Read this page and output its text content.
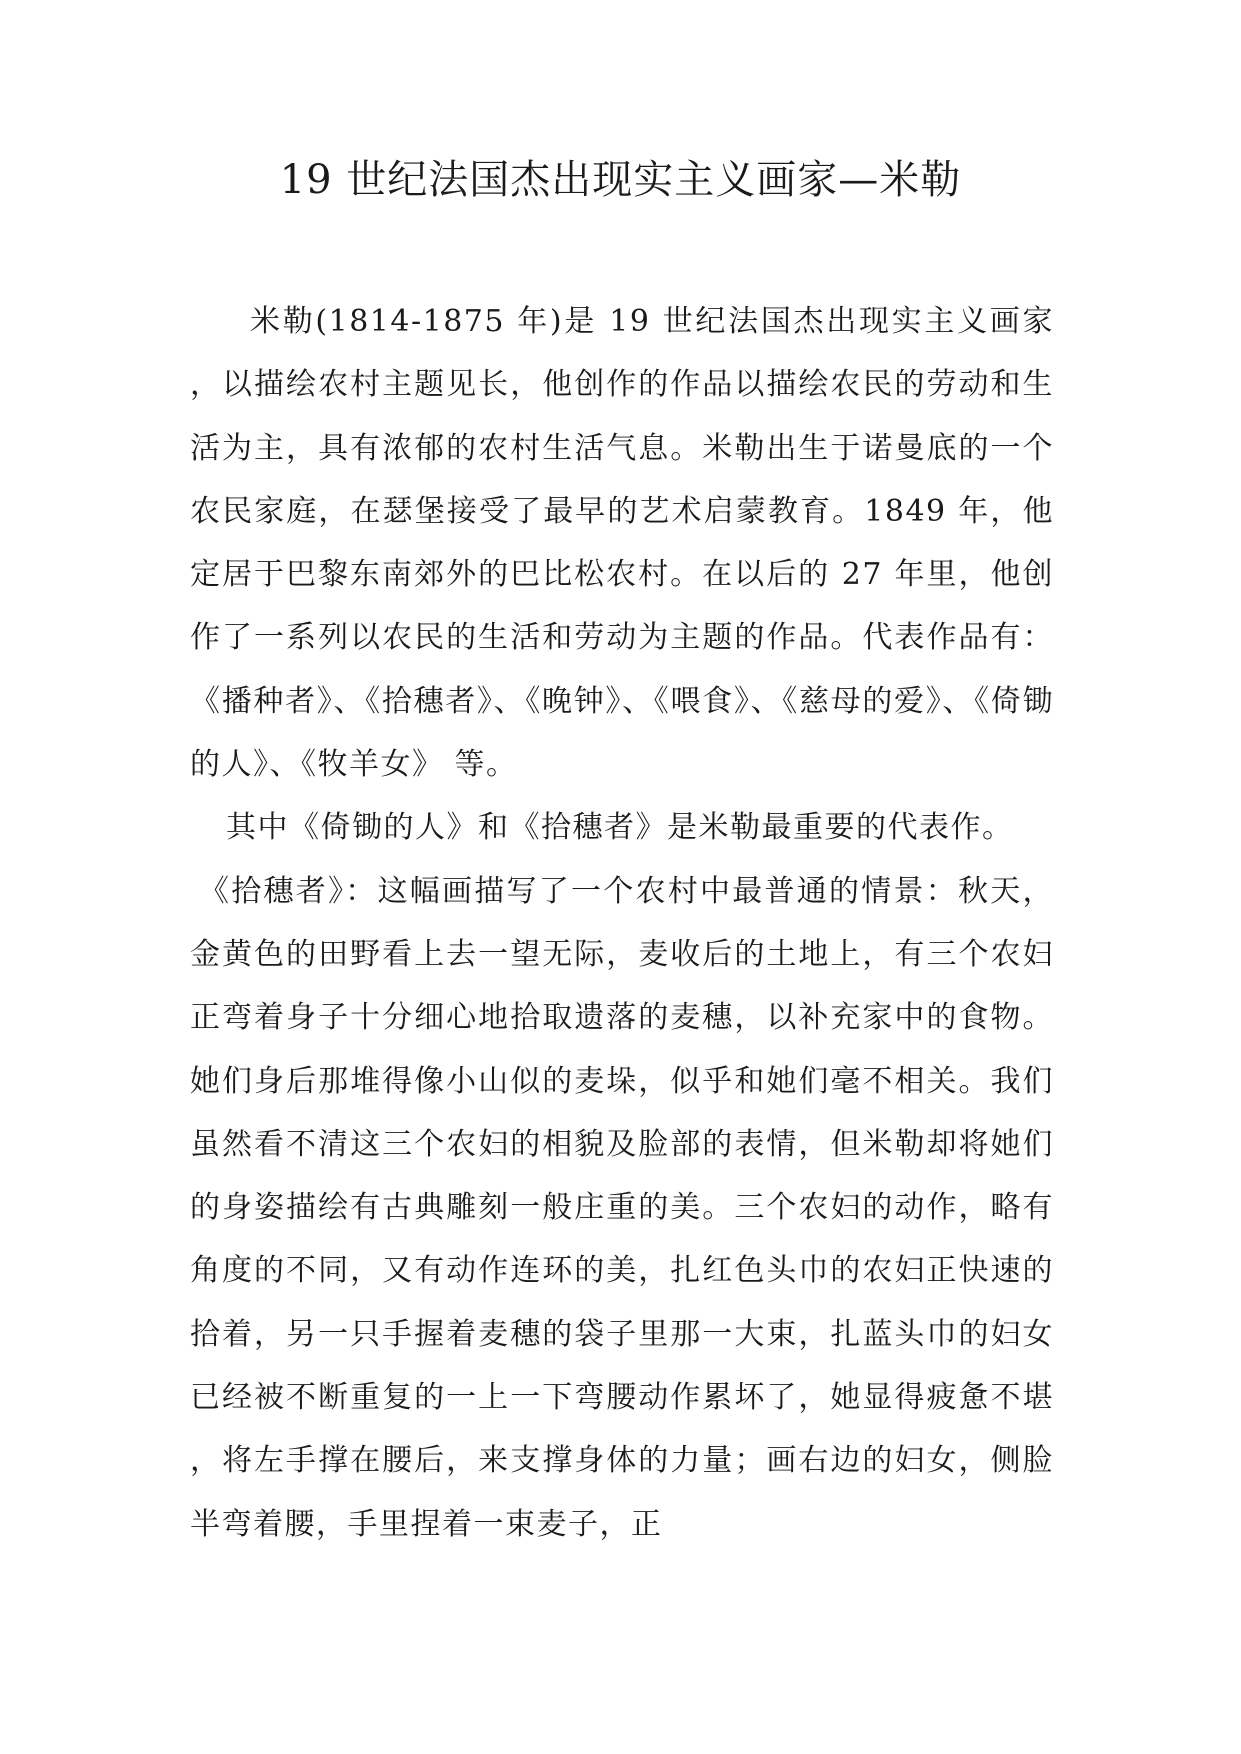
19 世纪法国杰出现实主义画家—米勒

米勒(1814-1875 年)是 19 世纪法国杰出现实主义画家，以描绘农村主题见长，他创作的作品以描绘农民的劳动和生活为主，具有浓郁的农村生活气息。米勒出生于诺曼底的一个农民家庭，在瑟堡接受了最早的艺术启蒙教育。1849 年，他定居于巴黎东南郊外的巴比松农村。在以后的 27 年里，他创作了一系列以农民的生活和劳动为主题的作品。代表作品有：《播种者》、《拾穗者》、《晚钟》、《喂食》、《慈母的爱》、《倚锄的人》、《牧羊女》 等。

其中《倚锄的人》和《拾穗者》是米勒最重要的代表作。

《拾穗者》：这幅画描写了一个农村中最普通的情景：秋天，金黄色的田野看上去一望无际，麦收后的土地上，有三个农妇正弯着身子十分细心地拾取遗落的麦穗，以补充家中的食物。她们身后那堆得像小山似的麦垛，似乎和她们毫不相关。我们虽然看不清这三个农妇的相貌及脸部的表情，但米勒却将她们的身姿描绘有古典雕刻一般庄重的美。三个农妇的动作，略有角度的不同，又有动作连环的美，扎红色头巾的农妇正快速的拾着，另一只手握着麦穗的袋子里那一大束，扎蓝头巾的妇女已经被不断重复的一上一下弯腰动作累坏了，她显得疲惫不堪，将左手撑在腰后，来支撑身体的力量；画右边的妇女，侧脸半弯着腰，手里捏着一束麦子，正
